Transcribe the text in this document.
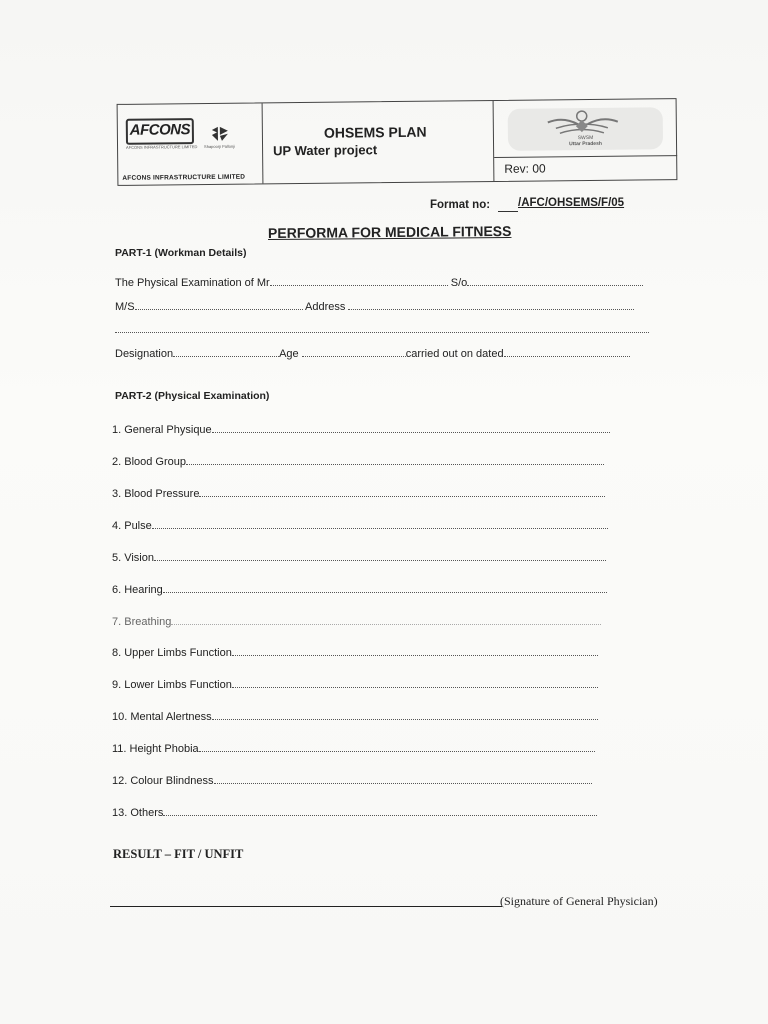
AFCONS
AFCONS INFRASTRUCTURE LIMITED Shapoorji Pallonji
AFCONS INFRASTRUCTURE LIMITED
OHSEMS PLAN
UP Water project
SWSM
Uttar Pradesh
Rev: 00
Format no: /AFC/OHSEMS/F/05
PERFORMA FOR MEDICAL FITNESS
PART-1 (Workman Details)
The Physical Examination of Mr	S/o
M/S	Address
Designation	Age	carried out on dated
PART-2 (Physical Examination)
1. General Physique
2. Blood Group
3. Blood Pressure
4. Pulse
5. Vision
6. Hearing
7. Breathing
8. Upper Limbs Function
9. Lower Limbs Function
10. Mental Alertness
11. Height Phobia
12. Colour Blindness
13. Others
RESULT – FIT / UNFIT
(Signature of General Physician)
